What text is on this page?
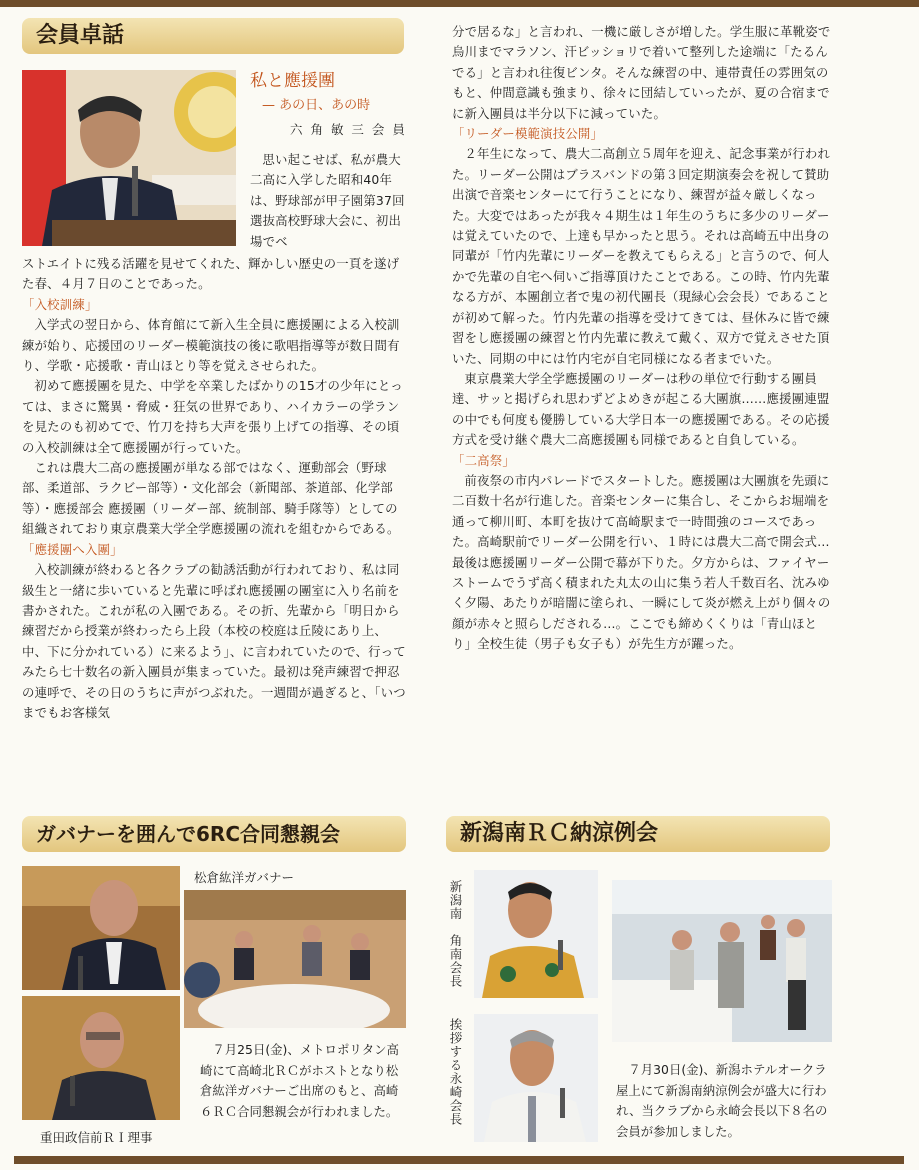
会員卓話
私と應援團
— あの日、あの時
六 角 敏 三 会 員

思い起こせば、私が農大二高に入学した昭和40年は、野球部が甲子園第37回選抜高校野球大会に、初出場でベ

ストエイトに残る活躍を見せてくれた、輝かしい歴史の一頁を遂げた春、４月７日のことであった。

「入校訓練」

入学式の翌日から、体育館にて新入生全員に應援團による入校訓練が始り、応援団のリーダー模範演技の後に歌唱指導等が数日間有り、学歌・応援歌・青山ほとり等を覚えさせられた。

初めて應援團を見た、中学を卒業したばかりの15才の少年にとっては、まさに驚異・脅威・狂気の世界であり、ハイカラーの学ランを見たのも初めてで、竹刀を持ち大声を張り上げての指導、その頃の入校訓練は全て應援團が行っていた。

これは農大二高の應援團が単なる部ではなく、運動部会（野球部、柔道部、ラクビー部等）・文化部会（新聞部、茶道部、化学部等）・應援部会 應援團（リーダー部、統制部、騎手隊等）としての組織されており東京農業大学全学應援團の流れを組むからである。

「應援團へ入團」

入校訓練が終わると各クラブの勧誘活動が行われており、私は同級生と一緒に歩いていると先輩に呼ばれ應援團の團室に入り名前を書かされた。これが私の入團である。その折、先輩から「明日から練習だから授業が終わったら上段（本校の校庭は丘陵にあり上、中、下に分かれている）に来るよう」、に言われていたので、行ってみたら七十数名の新入團員が集まっていた。最初は発声練習で押忍の連呼で、その日のうちに声がつぶれた。一週間が過ぎると、「いつまでもお客様気

分で居るな」と言われ、一機に厳しさが増した。学生服に革靴姿で烏川までマラソン、汗ビッショリで着いて整列した途端に「たるんでる」と言われ往復ビンタ。そんな練習の中、連帯責任の雰囲気のもと、仲間意識も強まり、徐々に団結していったが、夏の合宿までに新入團員は半分以下に減っていた。

「リーダー模範演技公開」

２年生になって、農大二高創立５周年を迎え、記念事業が行われた。リーダー公開はブラスバンドの第３回定期演奏会を祝して賛助出演で音楽センターにて行うことになり、練習が益々厳しくなった。大変ではあったが我々４期生は１年生のうちに多少のリーダーは覚えていたので、上達も早かったと思う。それは高崎五中出身の同輩が「竹内先輩にリーダーを教えてもらえる」と言うので、何人かで先輩の自宅へ伺いご指導頂けたことである。この時、竹内先輩なる方が、本團創立者で鬼の初代團長（現緑心会会長）であることが初めて解った。竹内先輩の指導を受けてきては、昼休みに皆で練習をし應援團の練習と竹内先輩に教えて戴く、双方で覚えさせた頂いた、同期の中には竹内宅が自宅同様になる者までいた。

東京農業大学全学應援團のリーダーは秒の単位で行動する團員達、サッと掲げられ思わずどよめきが起こる大團旗……應援團連盟の中でも何度も優勝している大学日本一の應援團である。その応援方式を受け継ぐ農大二高應援團も同様であると自負している。

「二高祭」

前夜祭の市内パレードでスタートした。應援團は大團旗を先頭に二百数十名が行進した。音楽センターに集合し、そこからお堀端を通って柳川町、本町を抜けて高崎駅まで一時間強のコースであった。高崎駅前でリーダー公開を行い、１時には農大二高で開会式…最後は應援團リーダー公開で幕が下りた。夕方からは、ファイヤーストームでうず高く積まれた丸太の山に集う若人千数百名、沈みゆく夕陽、あたりが暗闇に塗られ、一瞬にして炎が燃え上がり個々の顔が赤々と照らしだされる…。ここでも締めくくりは「青山ほとり」全校生徒（男子も女子も）が先生方が躍った。

ガバナーを囲んで6RC合同懇親会
松倉紘洋ガバナー
重田政信前ＲＩ理事

７月25日(金)、メトロポリタン高崎にて高崎北ＲＣがホストとなり松倉紘洋ガバナーご出席のもと、高崎６ＲＣ合同懇親会が行われました。

新潟南ＲＣ納涼例会
新潟南　角南会長
挨拶する永崎会長	７月30日(金)、新潟ホテルオークラ屋上にて新潟南納涼例会が盛大に行われ、当クラブから永崎会長以下８名の会員が参加しました。
